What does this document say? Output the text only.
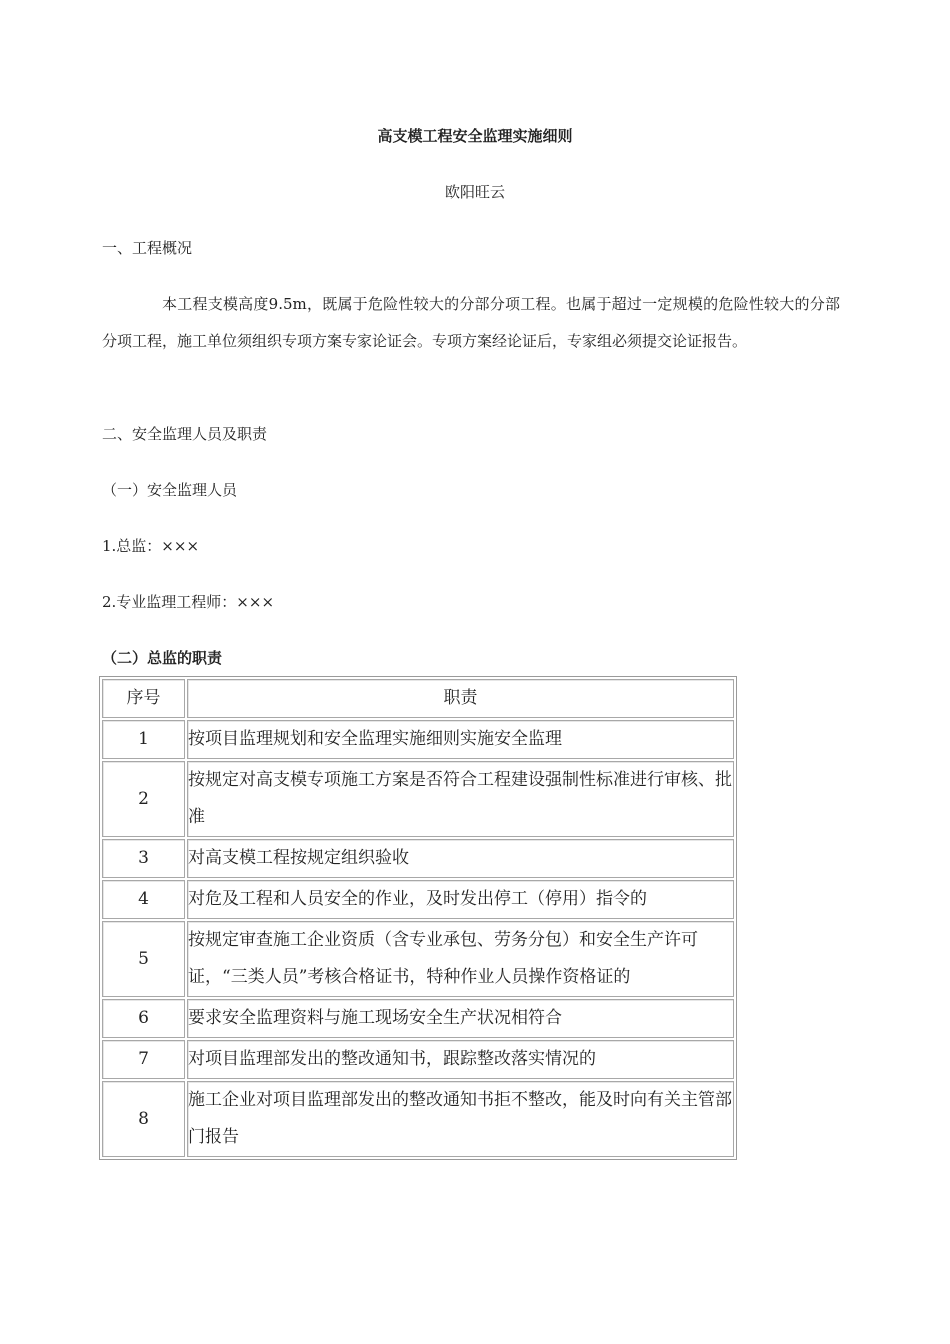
高支模工程安全监理实施细则

欧阳旺云

一、工程概况

本工程支模高度9.5m，既属于危险性较大的分部分项工程。也属于超过一定规模的危险性较大的分部分项工程，施工单位须组织专项方案专家论证会。专项方案经论证后，专家组必须提交论证报告。

二、安全监理人员及职责

（一）安全监理人员

1.总监：×××

2.专业监理工程师：×××

（二）总监的职责

序号	职责
1	按项目监理规划和安全监理实施细则实施安全监理
2	按规定对高支模专项施工方案是否符合工程建设强制性标准进行审核、批准
3	对高支模工程按规定组织验收
4	对危及工程和人员安全的作业，及时发出停工（停用）指令的
5	按规定审查施工企业资质（含专业承包、劳务分包）和安全生产许可证，“三类人员”考核合格证书，特种作业人员操作资格证的
6	要求安全监理资料与施工现场安全生产状况相符合
7	对项目监理部发出的整改通知书，跟踪整改落实情况的
8	施工企业对项目监理部发出的整改通知书拒不整改，能及时向有关主管部门报告
